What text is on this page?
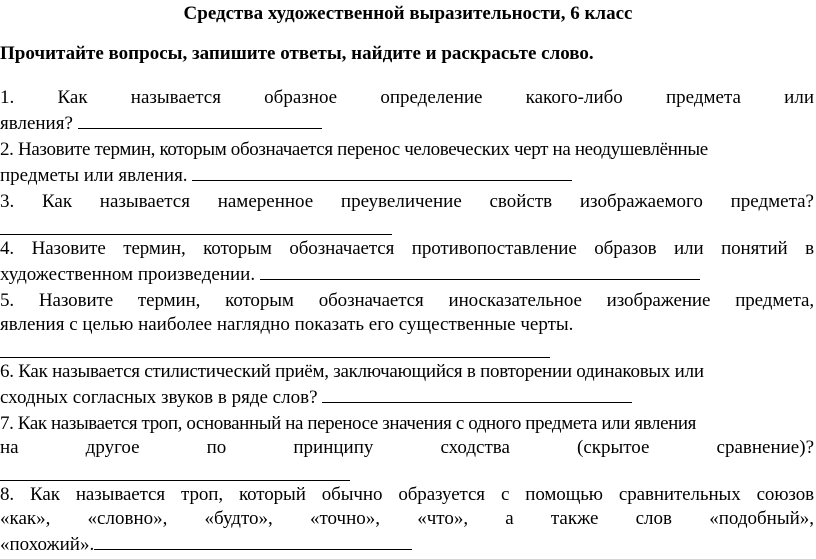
Средства художественной выразительности, 6 класс
Прочитайте вопросы, запишите ответы, найдите и раскрасьте слово.
1. Как называется образное определение какого-либо предмета или
явления?
2. Назовите термин, которым обозначается перенос человеческих черт на неодушевлённые
предметы или явления.
3. Как называется намеренное преувеличение свойств изображаемого предмета?
4. Назовите термин, которым обозначается противопоставление образов или понятий в
художественном произведении.
5. Назовите термин, которым обозначается иносказательное изображение предмета,
явления с целью наиболее наглядно показать его существенные черты.
6. Как называется стилистический приём, заключающийся в повторении одинаковых или
сходных согласных звуков в ряде слов?
7. Как называется троп, основанный на переносе значения с одного предмета или явления
на другое по принципу сходства (скрытое сравнение)?
8. Как называется троп, который обычно образуется с помощью сравнительных союзов
«как», «словно», «будто», «точно», «что», а также слов «подобный»,
«похожий».
